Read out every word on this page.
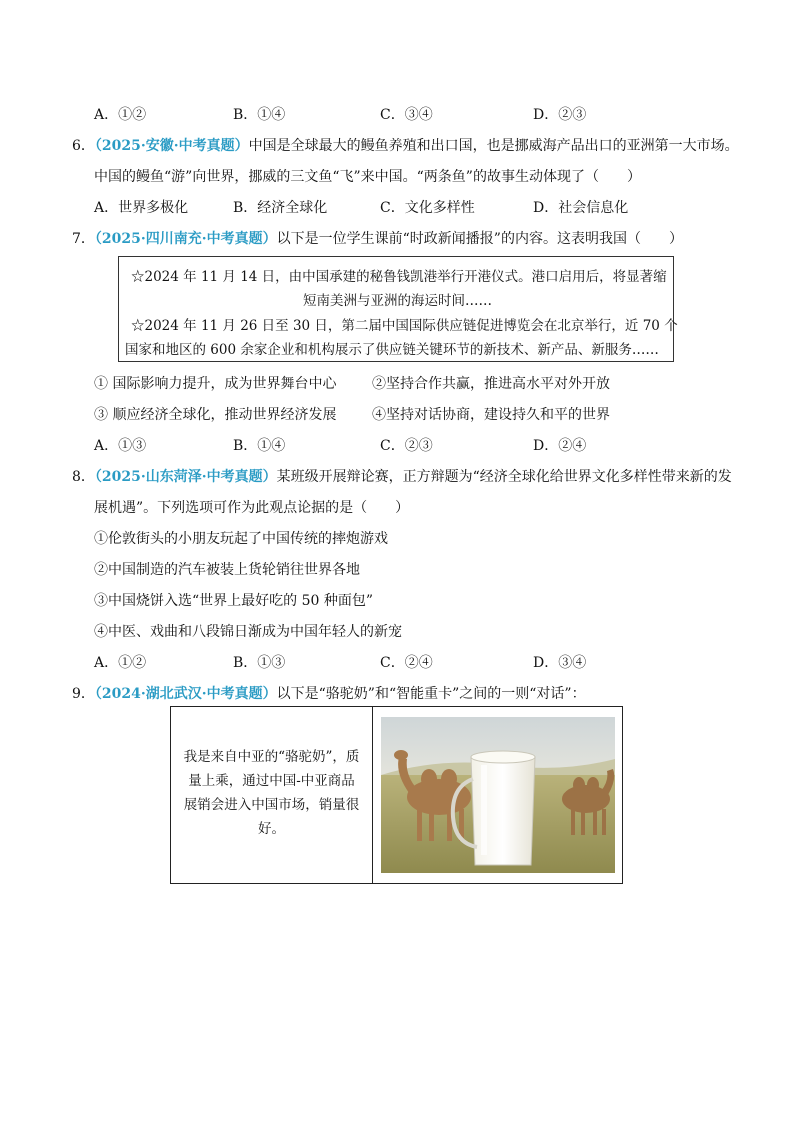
A．①②	B．①④	C．③④	D．②③
6．（2025·安徽·中考真题）中国是全球最大的鳗鱼养殖和出口国，也是挪威海产品出口的亚洲第一大市场。
中国的鳗鱼“游”向世界，挪威的三文鱼“飞”来中国。“两条鱼”的故事生动体现了（　　）
A．世界多极化	B．经济全球化	C．文化多样性	D．社会信息化
7．（2025·四川南充·中考真题）以下是一位学生课前“时政新闻播报”的内容。这表明我国（　　）
☆2024 年 11 月 14 日，由中国承建的秘鲁钱凯港举行开港仪式。港口启用后，将显著缩
短南美洲与亚洲的海运时间……
☆2024 年 11 月 26 日至 30 日，第二届中国国际供应链促进博览会在北京举行，近 70 个
国家和地区的 600 余家企业和机构展示了供应链关键环节的新技术、新产品、新服务……
① 国际影响力提升，成为世界舞台中心	②坚持合作共赢，推进高水平对外开放
③ 顺应经济全球化，推动世界经济发展	④坚持对话协商，建设持久和平的世界
A．①③	B．①④	C．②③	D．②④
8．（2025·山东菏泽·中考真题）某班级开展辩论赛，正方辩题为“经济全球化给世界文化多样性带来新的发
展机遇”。下列选项可作为此观点论据的是（　　）
①伦敦街头的小朋友玩起了中国传统的摔炮游戏
②中国制造的汽车被装上货轮销往世界各地
③中国烧饼入选“世界上最好吃的 50 种面包”
④中医、戏曲和八段锦日渐成为中国年轻人的新宠
A．①②	B．①③	C．②④	D．③④
9．（2024·湖北武汉·中考真题）以下是“骆驼奶”和“智能重卡”之间的一则“对话”：
我是来自中亚的“骆驼奶”，质
量上乘，通过中国-中亚商品
展销会进入中国市场，销量很
好。
